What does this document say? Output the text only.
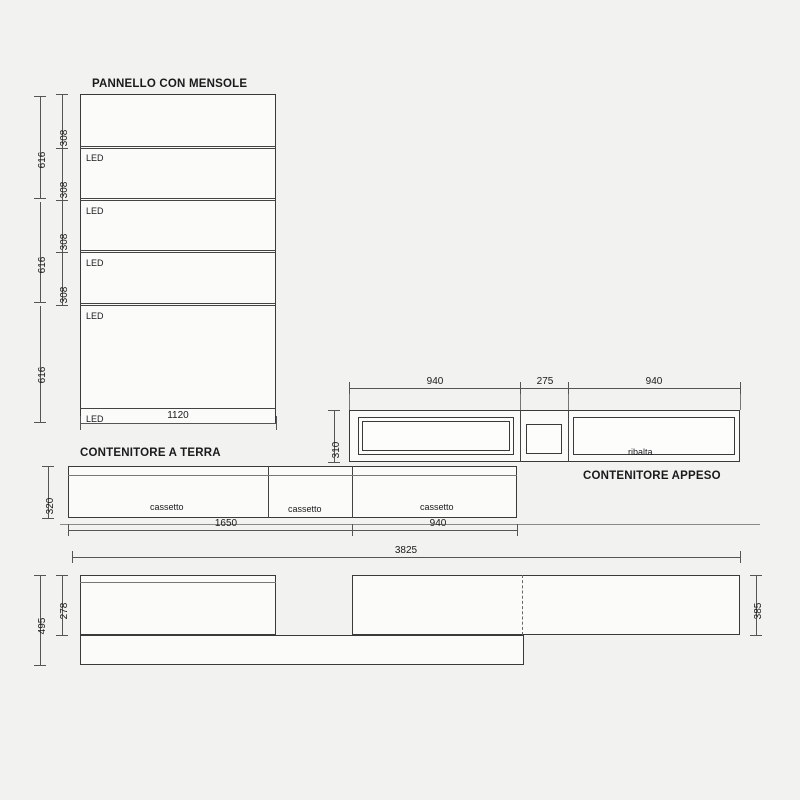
PANNELLO CON MENSOLE
LED
LED
LED
LED
LED	1120
308
308
308
308
616
616
616
CONTENITORE APPESO
940	275	940
ribalta
310
CONTENITORE A TERRA
cassetto	cassetto	cassetto
320
1650	940
3825
495
278	385
